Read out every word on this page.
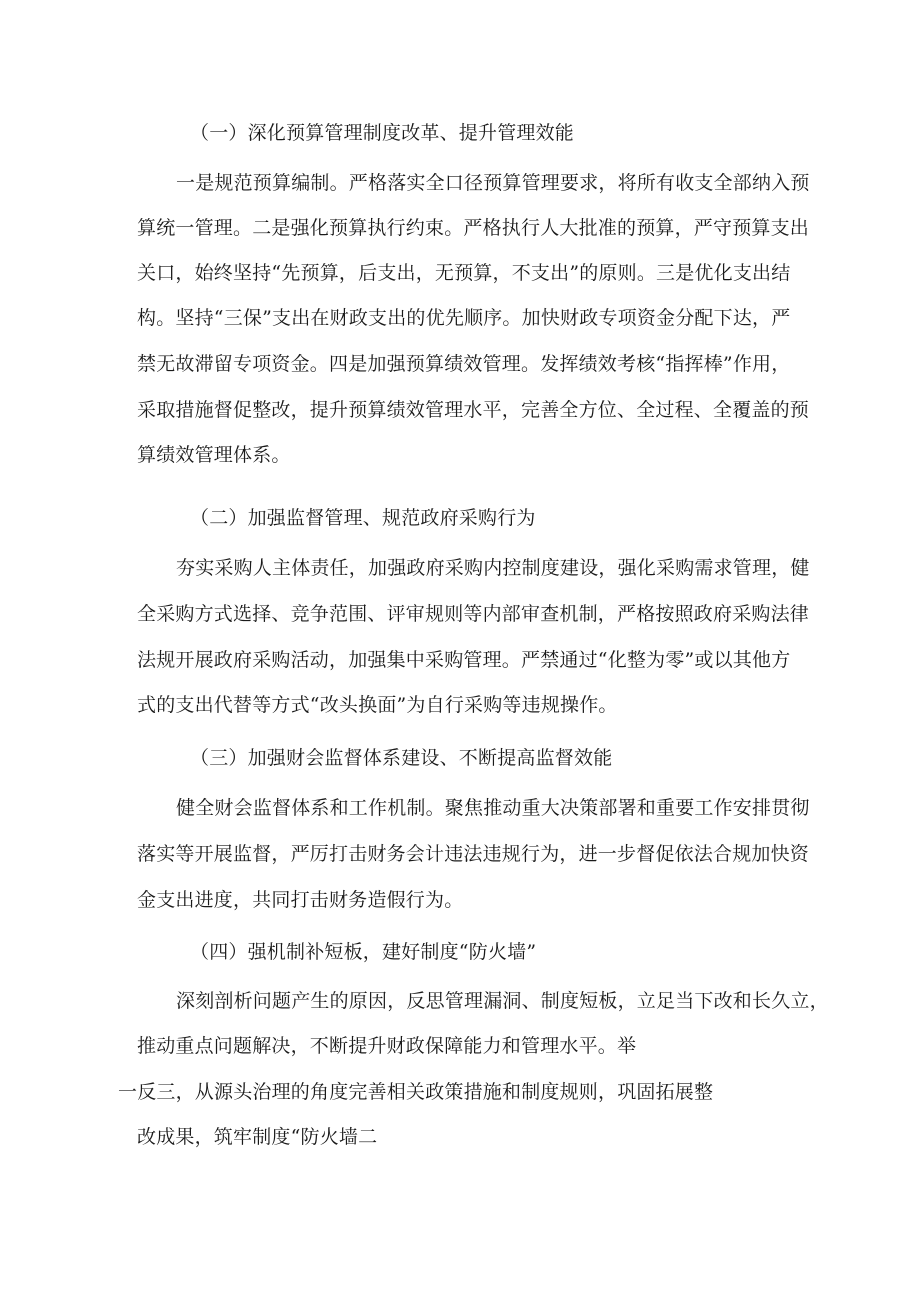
（一）深化预算管理制度改革、提升管理效能
一是规范预算编制。严格落实全口径预算管理要求，将所有收支全部纳入预
算统一管理。二是强化预算执行约束。严格执行人大批准的预算，严守预算支出
关口，始终坚持“先预算，后支出，无预算，不支出”的原则。三是优化支出结
构。坚持“三保”支出在财政支出的优先顺序。加快财政专项资金分配下达，严
禁无故滞留专项资金。四是加强预算绩效管理。发挥绩效考核“指挥棒”作用，
采取措施督促整改，提升预算绩效管理水平，完善全方位、全过程、全覆盖的预
算绩效管理体系。
（二）加强监督管理、规范政府采购行为
夯实采购人主体责任，加强政府采购内控制度建设，强化采购需求管理，健
全采购方式选择、竞争范围、评审规则等内部审查机制，严格按照政府采购法律
法规开展政府采购活动，加强集中采购管理。严禁通过“化整为零”或以其他方
式的支出代替等方式“改头换面”为自行采购等违规操作。
（三）加强财会监督体系建设、不断提高监督效能
健全财会监督体系和工作机制。聚焦推动重大决策部署和重要工作安排贯彻
落实等开展监督，严厉打击财务会计违法违规行为，进一步督促依法合规加快资
金支出进度，共同打击财务造假行为。
（四）强机制补短板，建好制度“防火墙”
深刻剖析问题产生的原因，反思管理漏洞、制度短板，立足当下改和长久立，
推动重点问题解决，不断提升财政保障能力和管理水平。举
一反三，从源头治理的角度完善相关政策措施和制度规则，巩固拓展整
改成果，筑牢制度“防火墙二
